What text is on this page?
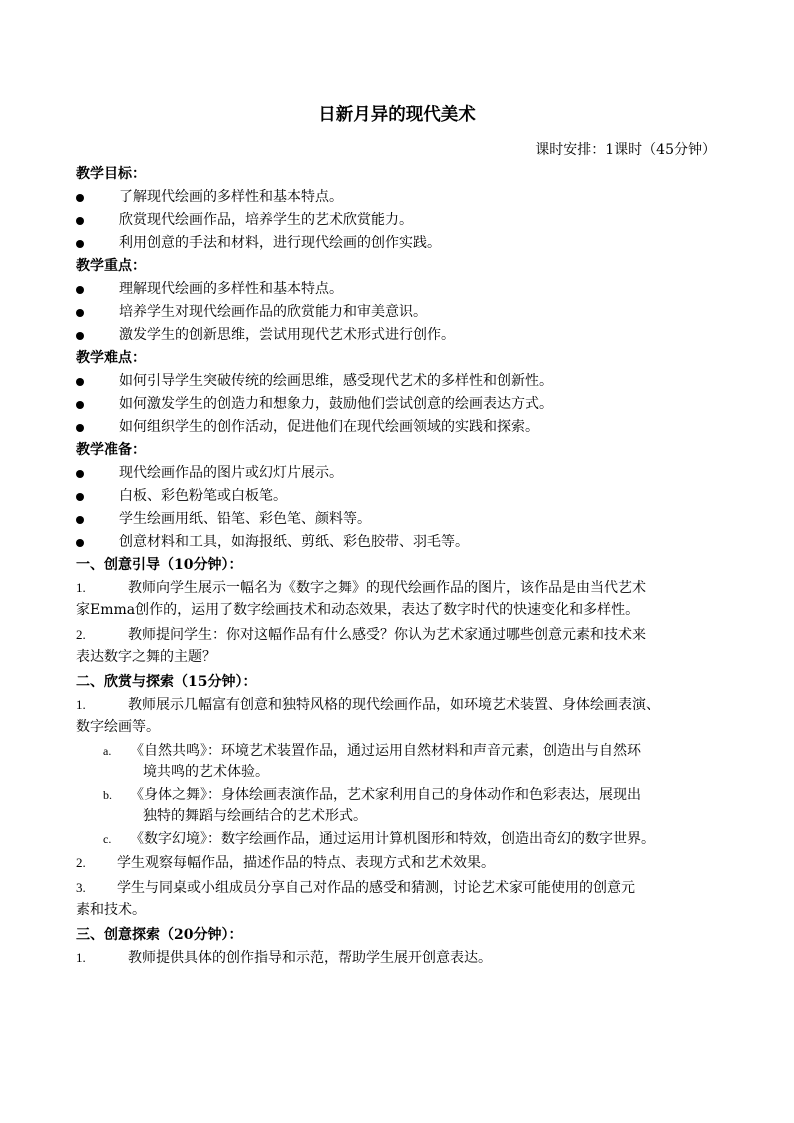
日新月异的现代美术
课时安排：1课时（45分钟）
教学目标：
了解现代绘画的多样性和基本特点。
欣赏现代绘画作品，培养学生的艺术欣赏能力。
利用创意的手法和材料，进行现代绘画的创作实践。
教学重点：
理解现代绘画的多样性和基本特点。
培养学生对现代绘画作品的欣赏能力和审美意识。
激发学生的创新思维，尝试用现代艺术形式进行创作。
教学难点：
如何引导学生突破传统的绘画思维，感受现代艺术的多样性和创新性。
如何激发学生的创造力和想象力，鼓励他们尝试创意的绘画表达方式。
如何组织学生的创作活动，促进他们在现代绘画领域的实践和探索。
教学准备：
现代绘画作品的图片或幻灯片展示。
白板、彩色粉笔或白板笔。
学生绘画用纸、铅笔、彩色笔、颜料等。
创意材料和工具，如海报纸、剪纸、彩色胶带、羽毛等。
一、创意引导（10分钟）：
1.	教师向学生展示一幅名为《数字之舞》的现代绘画作品的图片，该作品是由当代艺术
家Emma创作的，运用了数字绘画技术和动态效果，表达了数字时代的快速变化和多样性。
2.	教师提问学生：你对这幅作品有什么感受？你认为艺术家通过哪些创意元素和技术来
表达数字之舞的主题？
二、欣赏与探索（15分钟）：
1.	教师展示几幅富有创意和独特风格的现代绘画作品，如环境艺术装置、身体绘画表演、
数字绘画等。
a. 《自然共鸣》：环境艺术装置作品，通过运用自然材料和声音元素，创造出与自然环
境共鸣的艺术体验。
b. 《身体之舞》：身体绘画表演作品，艺术家利用自己的身体动作和色彩表达，展现出
独特的舞蹈与绘画结合的艺术形式。
c. 《数字幻境》：数字绘画作品，通过运用计算机图形和特效，创造出奇幻的数字世界。
2. 学生观察每幅作品，描述作品的特点、表现方式和艺术效果。
3. 学生与同桌或小组成员分享自己对作品的感受和猜测，讨论艺术家可能使用的创意元
素和技术。
三、创意探索（20分钟）：
1.	教师提供具体的创作指导和示范，帮助学生展开创意表达。
